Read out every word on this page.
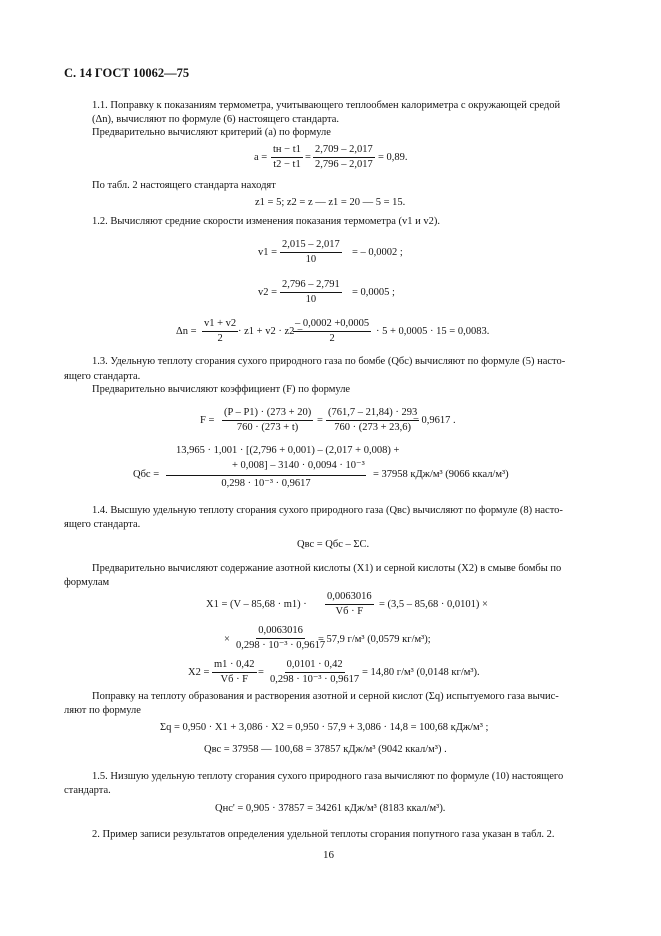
С. 14 ГОСТ 10062—75
1.1. Поправку к показаниям термометра, учитывающего теплообмен калориметра с окружающей средой
(Δn), вычисляют по формуле (6) настоящего стандарта.
Предварительно вычисляют критерий (a) по формуле
a =
tн − t1
t2 − t1
= $\frac{2,709 - 2,017}{2,796 - 2,017} = 0,89$.
По табл. 2 настоящего стандарта находят
z1 = 5; z2 = z — z1 = 20 — 5 = 15.
1.2. Вычисляют средние скорости изменения показания термометра (v1 и v2).
$v1 = \frac{2,015 - 2,017}{10}$ = – 0,0002 ;
$v2 = \frac{2,796 - 2,791}{10} = 0,0005$ ;
$\Delta n = \frac{v1 + v2}{2} \cdot z1 + v2 \cdot z2$ =
$\frac{- 0,0002 +0,0005}{2} \cdot 5 + 0,0005 \cdot 15 = 0,0083$.
1.3. Удельную теплоту сгорания сухого природного газа по бомбе (Qбс) вычисляют по формуле (5) насто-
ящего стандарта.
Предварительно вычисляют коэффициент (F) по формуле
$F = \frac{(P - P1) \cdot (273 + 20)}{760 \cdot (273 + t)} = \frac{(761,7 - 21,84) \cdot 293}{760 \cdot (273 + 23,6)}$
= 0,9617 .
Qбс =
13,965 · 1,001 · [(2,796 + 0,001) – (2,017 + 0,008) +
+ 0,008] – 3140 · 0,0094 · 10⁻³
0,298 · 10⁻³ · 0,9617
= 37958 кДж/м³ (9066 ккал/м³)
1.4. Высшую удельную теплоту сгорания сухого природного газа (Qвс) вычисляют по формуле (8) насто-
ящего стандарта.
Qвс = Qбс – ΣC.
Предварительно вычисляют содержание азотной кислоты (X1) и серной кислоты (X2) в смыве бомбы по
формулам
X1 = (V – 85,68 · m1) ·
0,0063016
Vб · F
= (3,5 – 85,68 · 0,0101) ×
× $\frac{0,0063016}{\text{0,298 · 10⁻³ · 0,9617}}$
= 57,9 г/м³ (0,0579 кг/м³);
X2 =
m1 · 0,42
Vб · F
= $\frac{0,0101 \cdot 0,42}{\text{0,298 · 10⁻³ · 0,9617}} = 14,80$ г/м³ (0,0148 кг/м³).
Поправку на теплоту образования и растворения азотной и серной кислот (Σq) испытуемого газа вычис-
ляют по формуле
Σq = 0,950 · X1 + 3,086 · X2 = 0,950 · 57,9 + 3,086 · 14,8 = 100,68 кДж/м³ ;
Qвс = 37958 — 100,68 = 37857 кДж/м³ (9042 ккал/м³) .
1.5. Низшую удельную теплоту сгорания сухого природного газа вычисляют по формуле (10) настоящего
стандарта.
Qнс' = 0,905 · 37857 = 34261 кДж/м³ (8183 ккал/м³).
2. Пример записи результатов определения удельной теплоты сгорания попутного газа указан в табл. 2.
16
